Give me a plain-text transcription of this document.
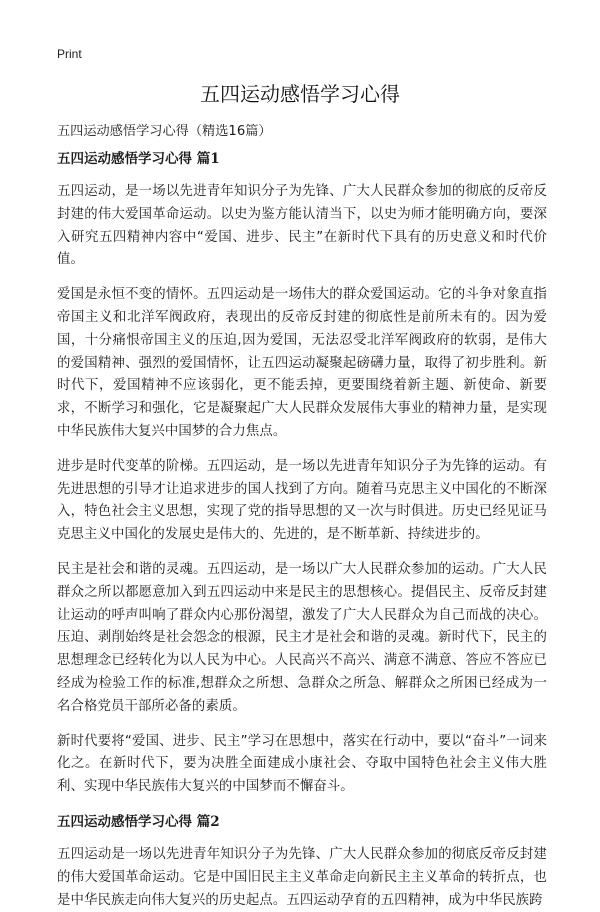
Print
五四运动感悟学习心得

五四运动感悟学习心得（精选16篇）

五四运动感悟学习心得 篇1

五四运动，是一场以先进青年知识分子为先锋、广大人民群众参加的彻底的反帝反封建的伟大爱国革命运动。以史为鉴方能认清当下，以史为师才能明确方向，要深入研究五四精神内容中“爱国、进步、民主”在新时代下具有的历史意义和时代价值。

爱国是永恒不变的情怀。五四运动是一场伟大的群众爱国运动。它的斗争对象直指帝国主义和北洋军阀政府，表现出的反帝反封建的彻底性是前所未有的。因为爱国，十分痛恨帝国主义的压迫,因为爱国，无法忍受北洋军阀政府的软弱，是伟大的爱国精神、强烈的爱国情怀，让五四运动凝聚起磅礴力量，取得了初步胜利。新时代下，爱国精神不应该弱化，更不能丢掉，更要围绕着新主题、新使命、新要求，不断学习和强化，它是凝聚起广大人民群众发展伟大事业的精神力量，是实现中华民族伟大复兴中国梦的合力焦点。

进步是时代变革的阶梯。五四运动，是一场以先进青年知识分子为先锋的运动。有先进思想的引导才让追求进步的国人找到了方向。随着马克思主义中国化的不断深入，特色社会主义思想，实现了党的指导思想的又一次与时俱进。历史已经见证马克思主义中国化的发展史是伟大的、先进的，是不断革新、持续进步的。

民主是社会和谐的灵魂。五四运动，是一场以广大人民群众参加的运动。广大人民群众之所以都愿意加入到五四运动中来是民主的思想核心。提倡民主、反帝反封建让运动的呼声叫响了群众内心那份渴望，激发了广大人民群众为自己而战的决心。压迫、剥削始终是社会怨念的根源，民主才是社会和谐的灵魂。新时代下，民主的思想理念已经转化为以人民为中心。人民高兴不高兴、满意不满意、答应不答应已经成为检验工作的标准,想群众之所想、急群众之所急、解群众之所困已经成为一名合格党员干部所必备的素质。

新时代要将“爱国、进步、民主”学习在思想中，落实在行动中，要以“奋斗”一词来化之。在新时代下，要为决胜全面建成小康社会、夺取中国特色社会主义伟大胜利、实现中华民族伟大复兴的中国梦而不懈奋斗。

五四运动感悟学习心得 篇2

五四运动是一场以先进青年知识分子为先锋、广大人民群众参加的彻底反帝反封建的伟大爱国革命运动。它是中国旧民主主义革命走向新民主主义革命的转折点，也是中华民族走向伟大复兴的历史起点。五四运动孕育的五四精神，成为中华民族跨
